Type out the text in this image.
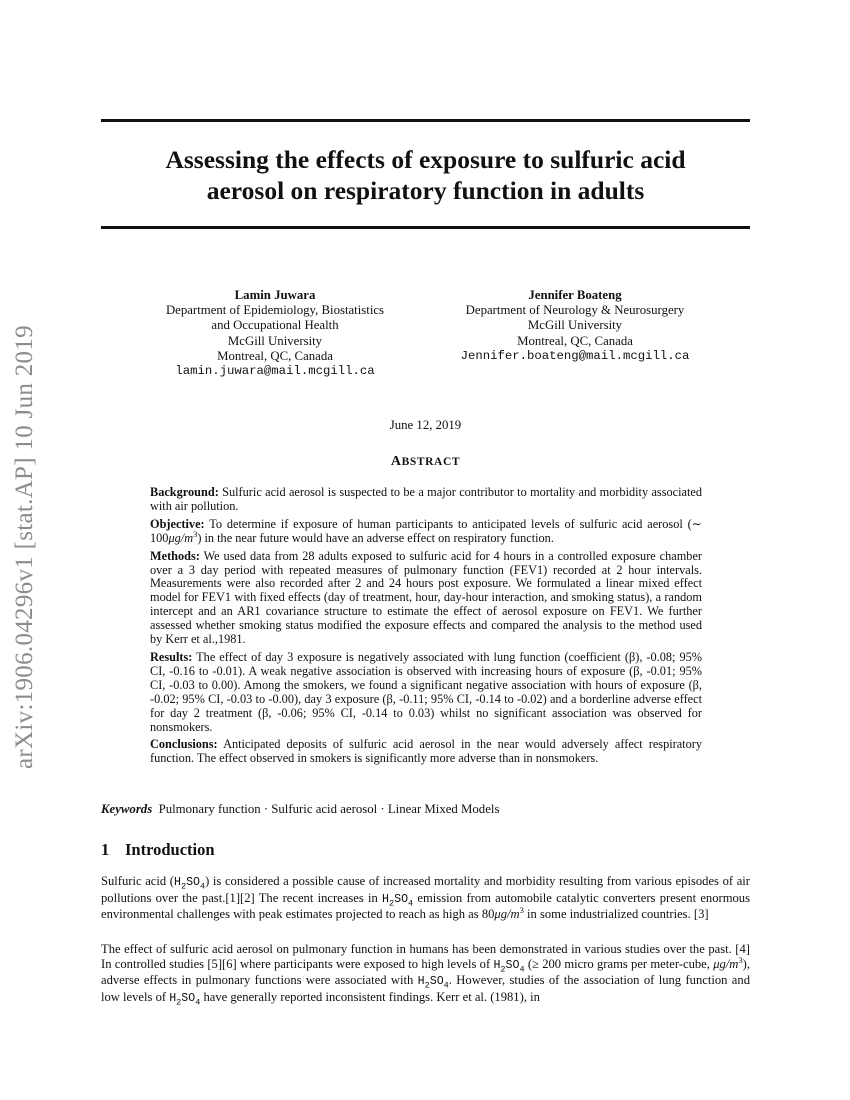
arXiv:1906.04296v1 [stat.AP] 10 Jun 2019
Assessing the effects of exposure to sulfuric acid
aerosol on respiratory function in adults
Lamin Juwara
Department of Epidemiology, Biostatistics
and Occupational Health
McGill University
Montreal, QC, Canada
lamin.juwara@mail.mcgill.ca
Jennifer Boateng
Department of Neurology & Neurosurgery
McGill University
Montreal, QC, Canada
Jennifer.boateng@mail.mcgill.ca
June 12, 2019
ABSTRACT

Background: Sulfuric acid aerosol is suspected to be a major contributor to mortality and morbidity associated with air pollution.

Objective: To determine if exposure of human participants to anticipated levels of sulfuric acid aerosol (∼ $100\mu g/m^3$) in the near future would have an adverse effect on respiratory function.

Methods: We used data from 28 adults exposed to sulfuric acid for 4 hours in a controlled exposure chamber over a 3 day period with repeated measures of pulmonary function (FEV1) recorded at 2 hour intervals. Measurements were also recorded after 2 and 24 hours post exposure. We formulated a linear mixed effect model for FEV1 with fixed effects (day of treatment, hour, day-hour interaction, and smoking status), a random intercept and an AR1 covariance structure to estimate the effect of aerosol exposure on FEV1. We further assessed whether smoking status modified the exposure effects and compared the analysis to the method used by Kerr et al.,1981.

Results: The effect of day 3 exposure is negatively associated with lung function (coefficient (β), -0.08; 95% CI, -0.16 to -0.01). A weak negative association is observed with increasing hours of exposure (β, -0.01; 95% CI, -0.03 to 0.00). Among the smokers, we found a significant negative association with hours of exposure (β, -0.02; 95% CI, -0.03 to -0.00), day 3 exposure (β, -0.11; 95% CI, -0.14 to -0.02) and a borderline adverse effect for day 2 treatment (β, -0.06; 95% CI, -0.14 to 0.03) whilst no significant association was observed for nonsmokers.

Conclusions: Anticipated deposits of sulfuric acid aerosol in the near would adversely affect respiratory function. The effect observed in smokers is significantly more adverse than in nonsmokers.

Keywords Pulmonary function · Sulfuric acid aerosol · Linear Mixed Models
1 Introduction

Sulfuric acid $(H_2SO_4)$ is considered a possible cause of increased mortality and morbidity resulting from various episodes of air pollutions over the past.[1][2] The recent increases in $H_2SO_4$ emission from automobile catalytic converters present enormous environmental challenges with peak estimates projected to reach as high as $80\mu g/m^3$ in some industrialized countries. [3]

The effect of sulfuric acid aerosol on pulmonary function in humans has been demonstrated in various studies over the past. [4] In controlled studies [5][6] where participants were exposed to high levels of $H_2SO_4$ (≥ 200 micro grams per meter-cube, $\mu g/m^3$), adverse effects in pulmonary functions were associated with $H_2SO_4$. However, studies of the association of lung function and low levels of $H_2SO_4$ have generally reported inconsistent findings. Kerr et al. (1981), in
